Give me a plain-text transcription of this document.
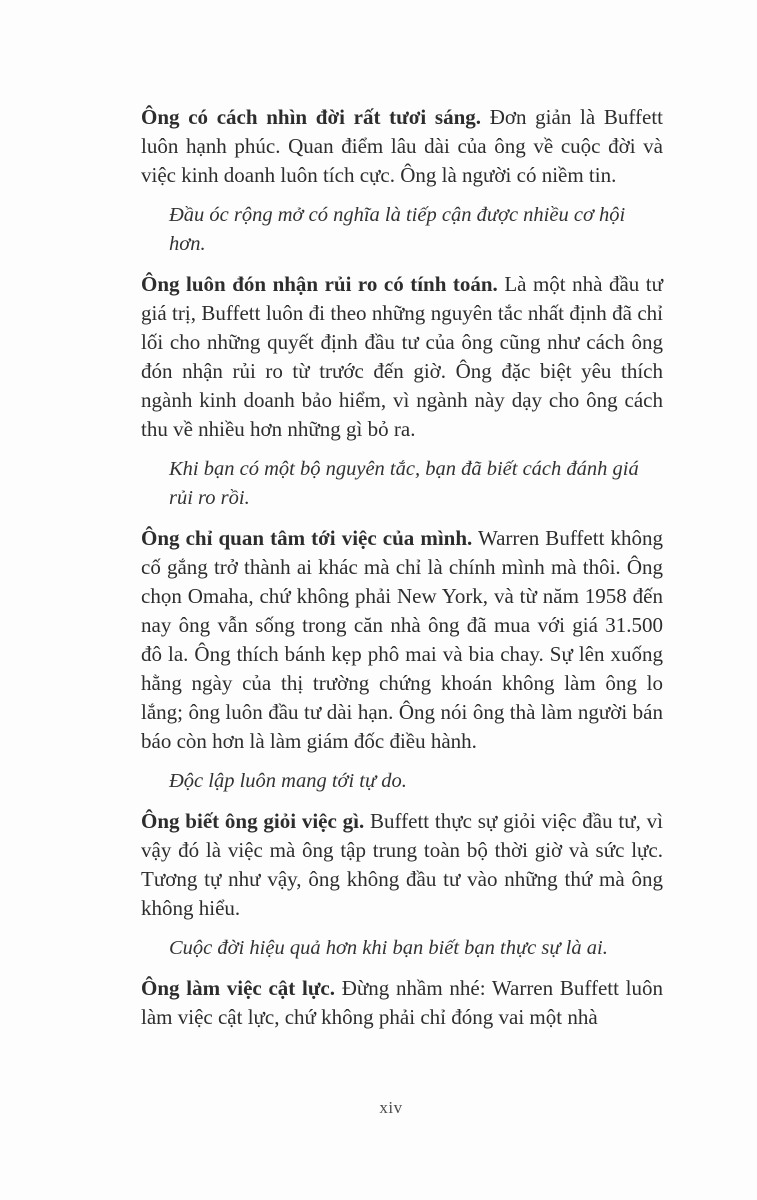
Ông có cách nhìn đời rất tươi sáng. Đơn giản là Buffett luôn hạnh phúc. Quan điểm lâu dài của ông về cuộc đời và việc kinh doanh luôn tích cực. Ông là người có niềm tin.

Đầu óc rộng mở có nghĩa là tiếp cận được nhiều cơ hội hơn.

Ông luôn đón nhận rủi ro có tính toán. Là một nhà đầu tư giá trị, Buffett luôn đi theo những nguyên tắc nhất định đã chỉ lối cho những quyết định đầu tư của ông cũng như cách ông đón nhận rủi ro từ trước đến giờ. Ông đặc biệt yêu thích ngành kinh doanh bảo hiểm, vì ngành này dạy cho ông cách thu về nhiều hơn những gì bỏ ra.

Khi bạn có một bộ nguyên tắc, bạn đã biết cách đánh giá rủi ro rồi.

Ông chỉ quan tâm tới việc của mình. Warren Buffett không cố gắng trở thành ai khác mà chỉ là chính mình mà thôi. Ông chọn Omaha, chứ không phải New York, và từ năm 1958 đến nay ông vẫn sống trong căn nhà ông đã mua với giá 31.500 đô la. Ông thích bánh kẹp phô mai và bia chay. Sự lên xuống hằng ngày của thị trường chứng khoán không làm ông lo lắng; ông luôn đầu tư dài hạn. Ông nói ông thà làm người bán báo còn hơn là làm giám đốc điều hành.

Độc lập luôn mang tới tự do.

Ông biết ông giỏi việc gì. Buffett thực sự giỏi việc đầu tư, vì vậy đó là việc mà ông tập trung toàn bộ thời giờ và sức lực. Tương tự như vậy, ông không đầu tư vào những thứ mà ông không hiểu.

Cuộc đời hiệu quả hơn khi bạn biết bạn thực sự là ai.

Ông làm việc cật lực. Đừng nhầm nhé: Warren Buffett luôn làm việc cật lực, chứ không phải chỉ đóng vai một nhà

xiv
